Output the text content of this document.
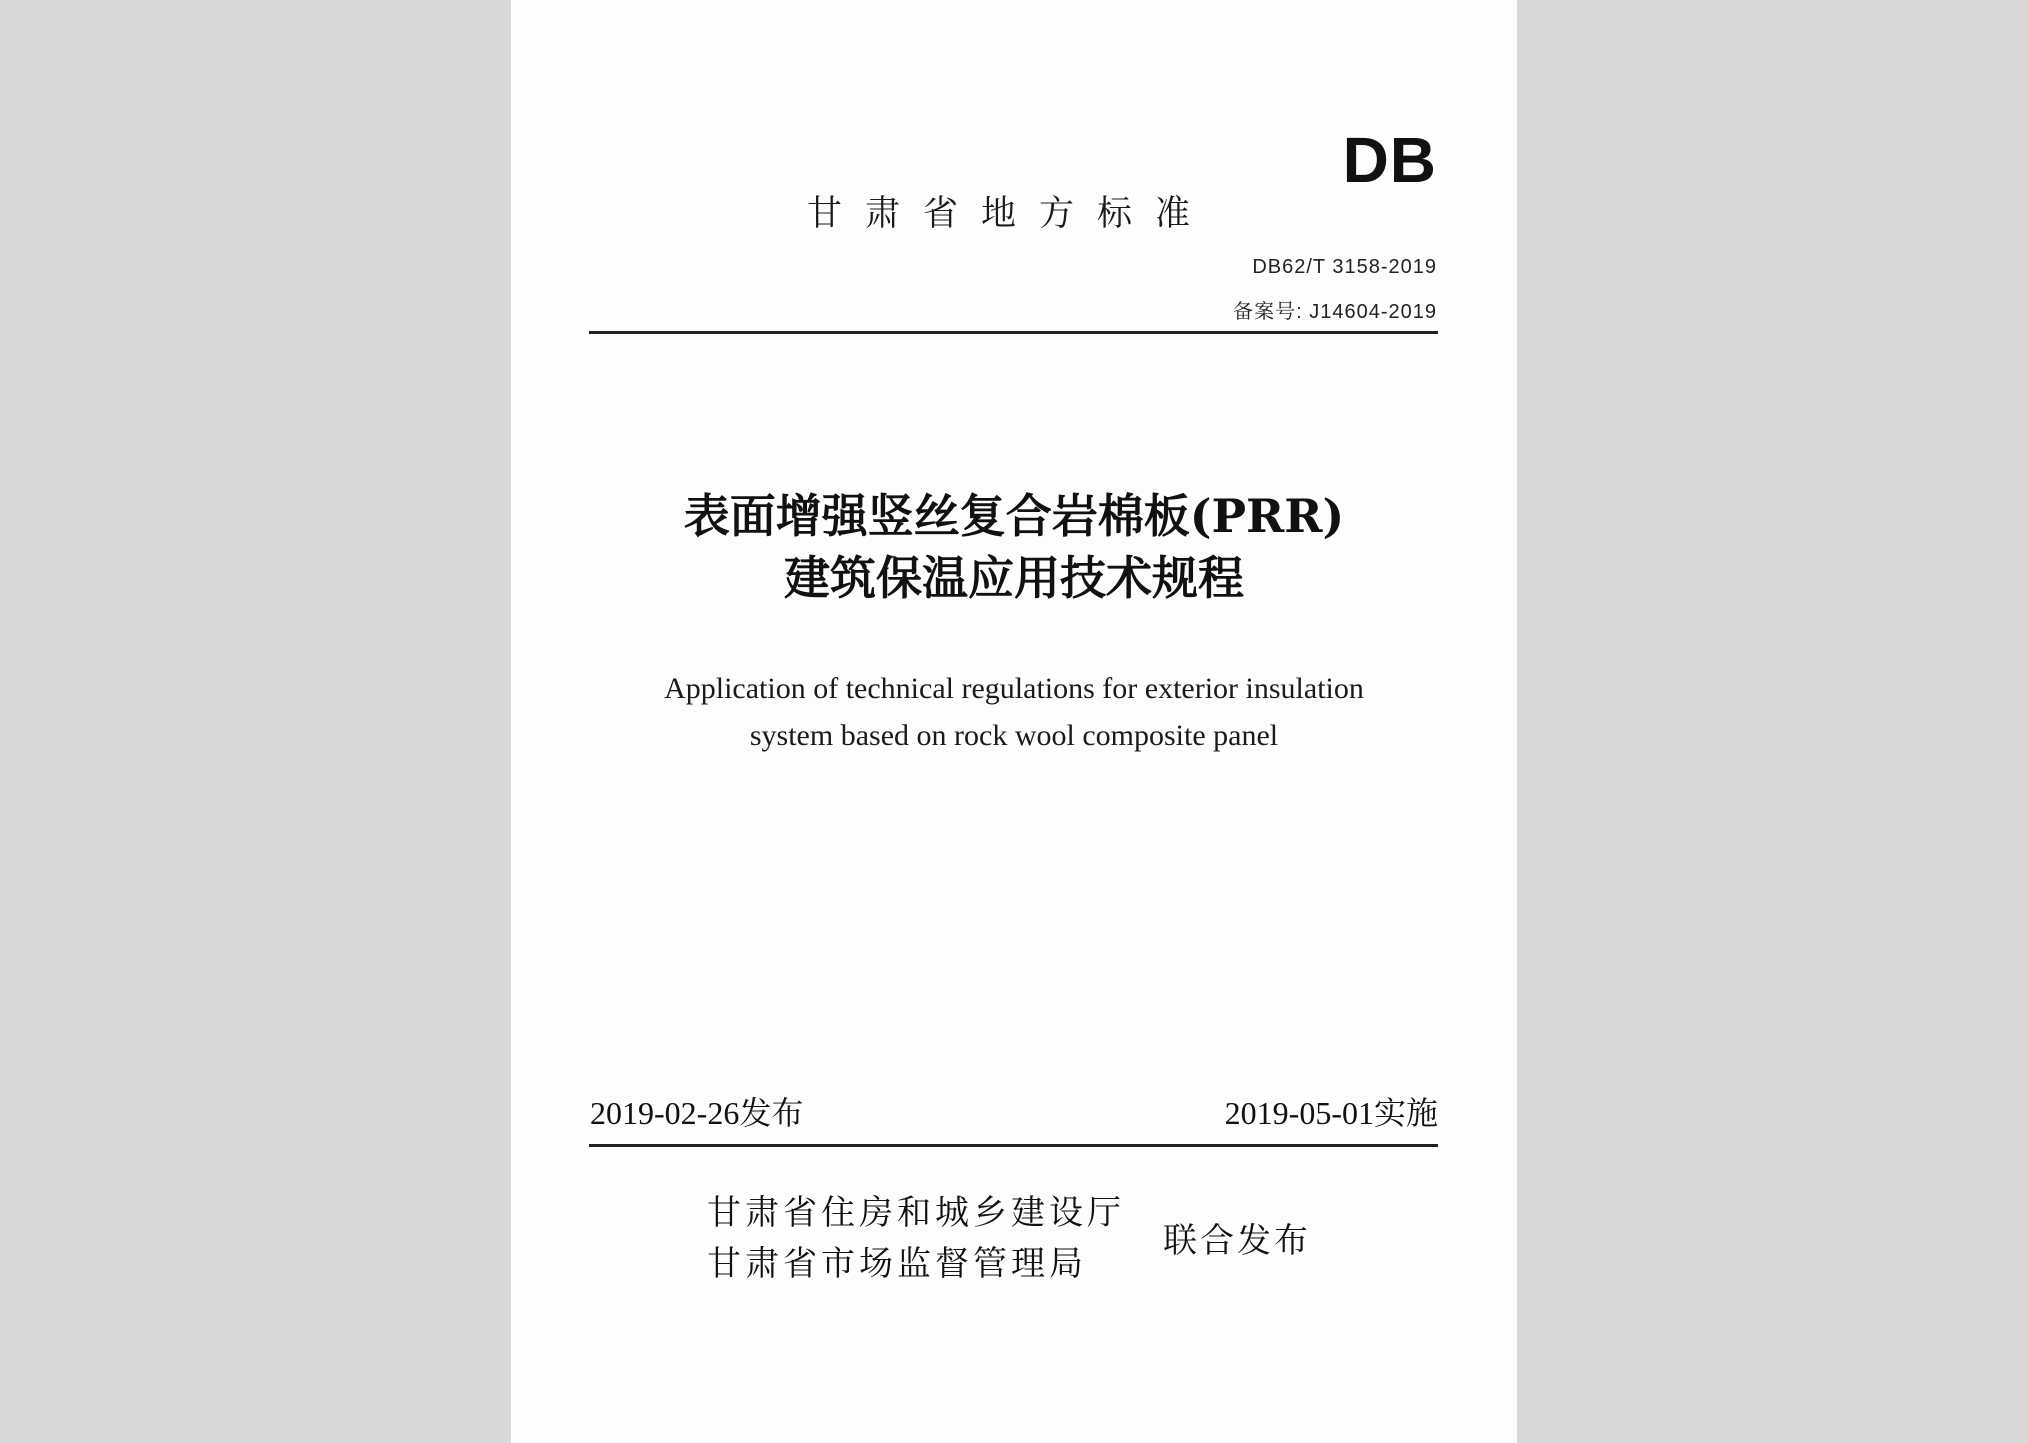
DB
甘肃省地方标准
DB62/T 3158-2019
备案号: J14604-2019
表面增强竖丝复合岩棉板(PRR)
建筑保温应用技术规程
Application of technical regulations for exterior insulation
system based on rock wool composite panel
2019-02-26发布	2019-05-01实施
甘肃省住房和城乡建设厅
甘肃省市场监督管理局
联合发布
